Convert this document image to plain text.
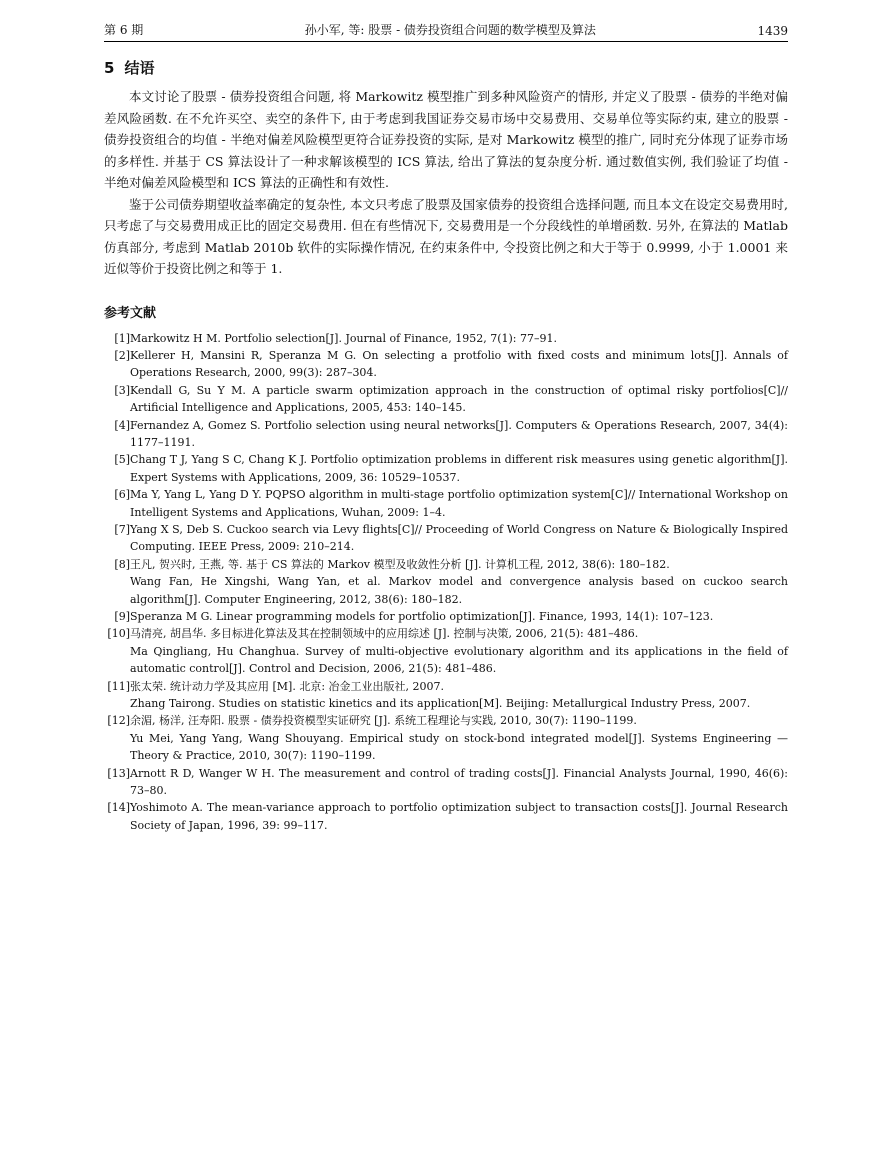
第 6 期	孙小军, 等: 股票 - 债券投资组合问题的数学模型及算法	1439
5 结语

本文讨论了股票 - 债券投资组合问题, 将 Markowitz 模型推广到多种风险资产的情形, 并定义了股票 - 债券的半绝对偏差风险函数. 在不允许买空、卖空的条件下, 由于考虑到我国证券交易市场中交易费用、交易单位等实际约束, 建立的股票 - 债券投资组合的均值 - 半绝对偏差风险模型更符合证券投资的实际, 是对 Markowitz 模型的推广, 同时充分体现了证券市场的多样性. 并基于 CS 算法设计了一种求解该模型的 ICS 算法, 给出了算法的复杂度分析. 通过数值实例, 我们验证了均值 - 半绝对偏差风险模型和 ICS 算法的正确性和有效性.

鉴于公司债券期望收益率确定的复杂性, 本文只考虑了股票及国家债券的投资组合选择问题, 而且本文在设定交易费用时, 只考虑了与交易费用成正比的固定交易费用. 但在有些情况下, 交易费用是一个分段线性的单增函数. 另外, 在算法的 Matlab 仿真部分, 考虑到 Matlab 2010b 软件的实际操作情况, 在约束条件中, 令投资比例之和大于等于 0.9999, 小于 1.0001 来近似等价于投资比例之和等于 1.

参考文献
[1] Markowitz H M. Portfolio selection[J]. Journal of Finance, 1952, 7(1): 77–91.
[2] Kellerer H, Mansini R, Speranza M G. On selecting a protfolio with fixed costs and minimum lots[J]. Annals of Operations Research, 2000, 99(3): 287–304.
[3] Kendall G, Su Y M. A particle swarm optimization approach in the construction of optimal risky portfolios[C]// Artificial Intelligence and Applications, 2005, 453: 140–145.
[4] Fernandez A, Gomez S. Portfolio selection using neural networks[J]. Computers & Operations Research, 2007, 34(4): 1177–1191.
[5] Chang T J, Yang S C, Chang K J. Portfolio optimization problems in different risk measures using genetic algorithm[J]. Expert Systems with Applications, 2009, 36: 10529–10537.
[6] Ma Y, Yang L, Yang D Y. PQPSO algorithm in multi-stage portfolio optimization system[C]// International Workshop on Intelligent Systems and Applications, Wuhan, 2009: 1–4.
[7] Yang X S, Deb S. Cuckoo search via Levy flights[C]// Proceeding of World Congress on Nature & Biologically Inspired Computing. IEEE Press, 2009: 210–214.
[8] 王凡, 贺兴时, 王燕, 等. 基于 CS 算法的 Markov 模型及收敛性分析 [J]. 计算机工程, 2012, 38(6): 180–182.
Wang Fan, He Xingshi, Wang Yan, et al. Markov model and convergence analysis based on cuckoo search algorithm[J]. Computer Engineering, 2012, 38(6): 180–182.
[9] Speranza M G. Linear programming models for portfolio optimization[J]. Finance, 1993, 14(1): 107–123.
[10] 马清亮, 胡昌华. 多目标进化算法及其在控制领域中的应用综述 [J]. 控制与决策, 2006, 21(5): 481–486.
Ma Qingliang, Hu Changhua. Survey of multi-objective evolutionary algorithm and its applications in the field of automatic control[J]. Control and Decision, 2006, 21(5): 481–486.
[11] 张太荣. 统计动力学及其应用 [M]. 北京: 冶金工业出版社, 2007.
Zhang Tairong. Studies on statistic kinetics and its application[M]. Beijing: Metallurgical Industry Press, 2007.
[12] 余湄, 杨洋, 汪寿阳. 股票 - 债券投资模型实证研究 [J]. 系统工程理论与实践, 2010, 30(7): 1190–1199.
Yu Mei, Yang Yang, Wang Shouyang. Empirical study on stock-bond integrated model[J]. Systems Engineering — Theory & Practice, 2010, 30(7): 1190–1199.
[13] Arnott R D, Wanger W H. The measurement and control of trading costs[J]. Financial Analysts Journal, 1990, 46(6): 73–80.
[14] Yoshimoto A. The mean-variance approach to portfolio optimization subject to transaction costs[J]. Journal Research Society of Japan, 1996, 39: 99–117.
